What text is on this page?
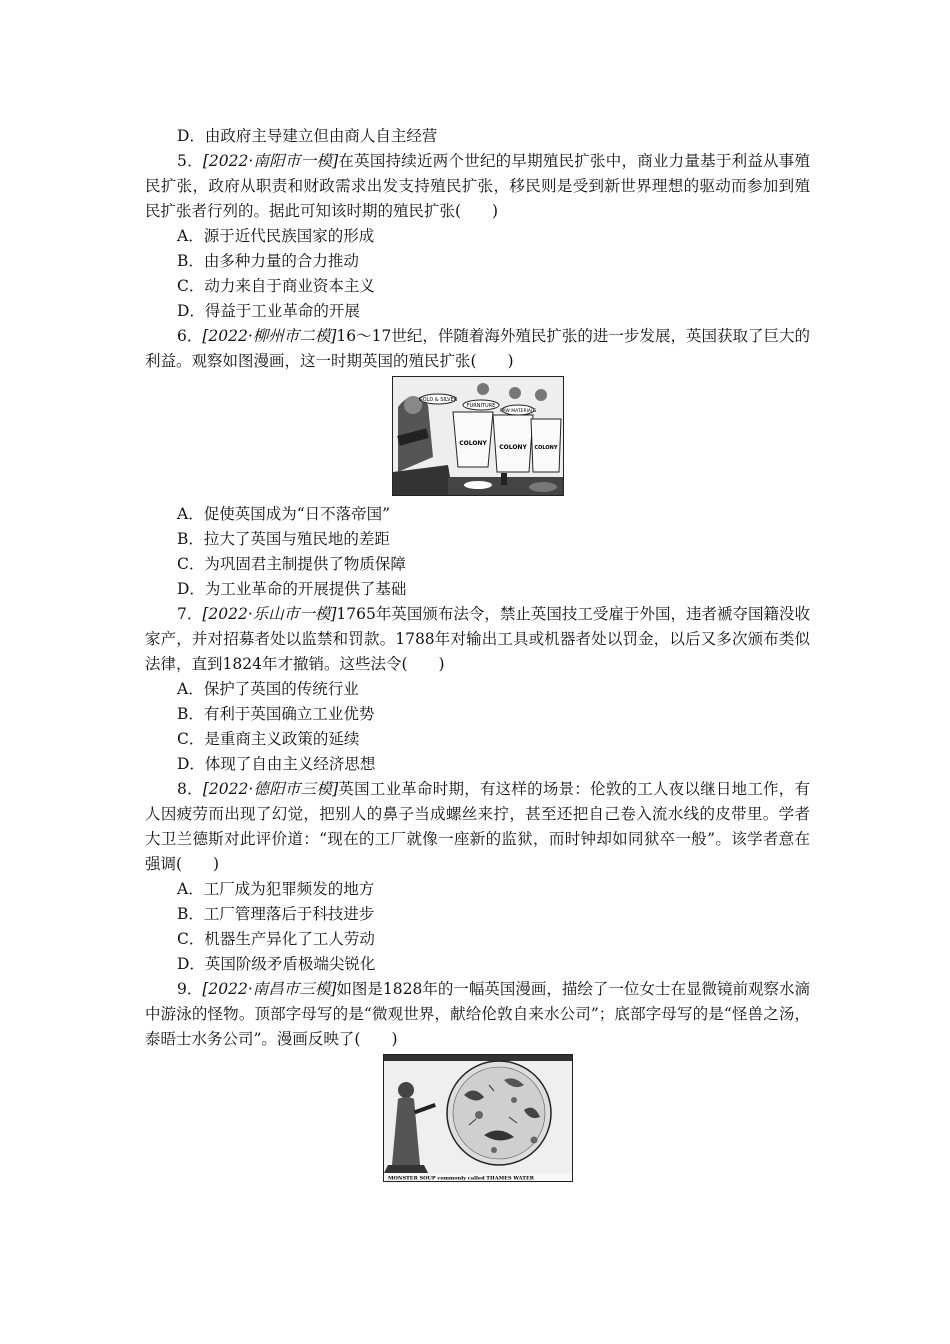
D．由政府主导建立但由商人自主经营
5．[2022·南阳市一模]在英国持续近两个世纪的早期殖民扩张中，商业力量基于利益从事殖民扩张，政府从职责和财政需求出发支持殖民扩张，移民则是受到新世界理想的驱动而参加到殖民扩张者行列的。据此可知该时期的殖民扩张(　　)
A．源于近代民族国家的形成
B．由多种力量的合力推动
C．动力来自于商业资本主义
D．得益于工业革命的开展
6．[2022·柳州市二模]16～17世纪，伴随着海外殖民扩张的进一步发展，英国获取了巨大的利益。观察如图漫画，这一时期英国的殖民扩张(　　)
GOLD & SILVER
FURNITURE
RAW MATERIALS
COLONY
COLONY COLONY
A．促使英国成为“日不落帝国”
B．拉大了英国与殖民地的差距
C．为巩固君主制提供了物质保障
D．为工业革命的开展提供了基础
7．[2022·乐山市一模]1765年英国颁布法令，禁止英国技工受雇于外国，违者褫夺国籍没收家产，并对招募者处以监禁和罚款。1788年对输出工具或机器者处以罚金，以后又多次颁布类似法律，直到1824年才撤销。这些法令(　　)
A．保护了英国的传统行业
B．有利于英国确立工业优势
C．是重商主义政策的延续
D．体现了自由主义经济思想
8．[2022·德阳市三模]英国工业革命时期，有这样的场景：伦敦的工人夜以继日地工作，有人因疲劳而出现了幻觉，把别人的鼻子当成螺丝来拧，甚至还把自己卷入流水线的皮带里。学者大卫兰德斯对此评价道：“现在的工厂就像一座新的监狱，而时钟却如同狱卒一般”。该学者意在强调(　　)
A．工厂成为犯罪频发的地方
B．工厂管理落后于科技进步
C．机器生产异化了工人劳动
D．英国阶级矛盾极端尖锐化
9．[2022·南昌市三模]如图是1828年的一幅英国漫画，描绘了一位女士在显微镜前观察水滴中游泳的怪物。顶部字母写的是“微观世界，献给伦敦自来水公司”；底部字母写的是“怪兽之汤，泰晤士水务公司”。漫画反映了(　　)
MONSTER SOUP commonly called THAMES WATER
